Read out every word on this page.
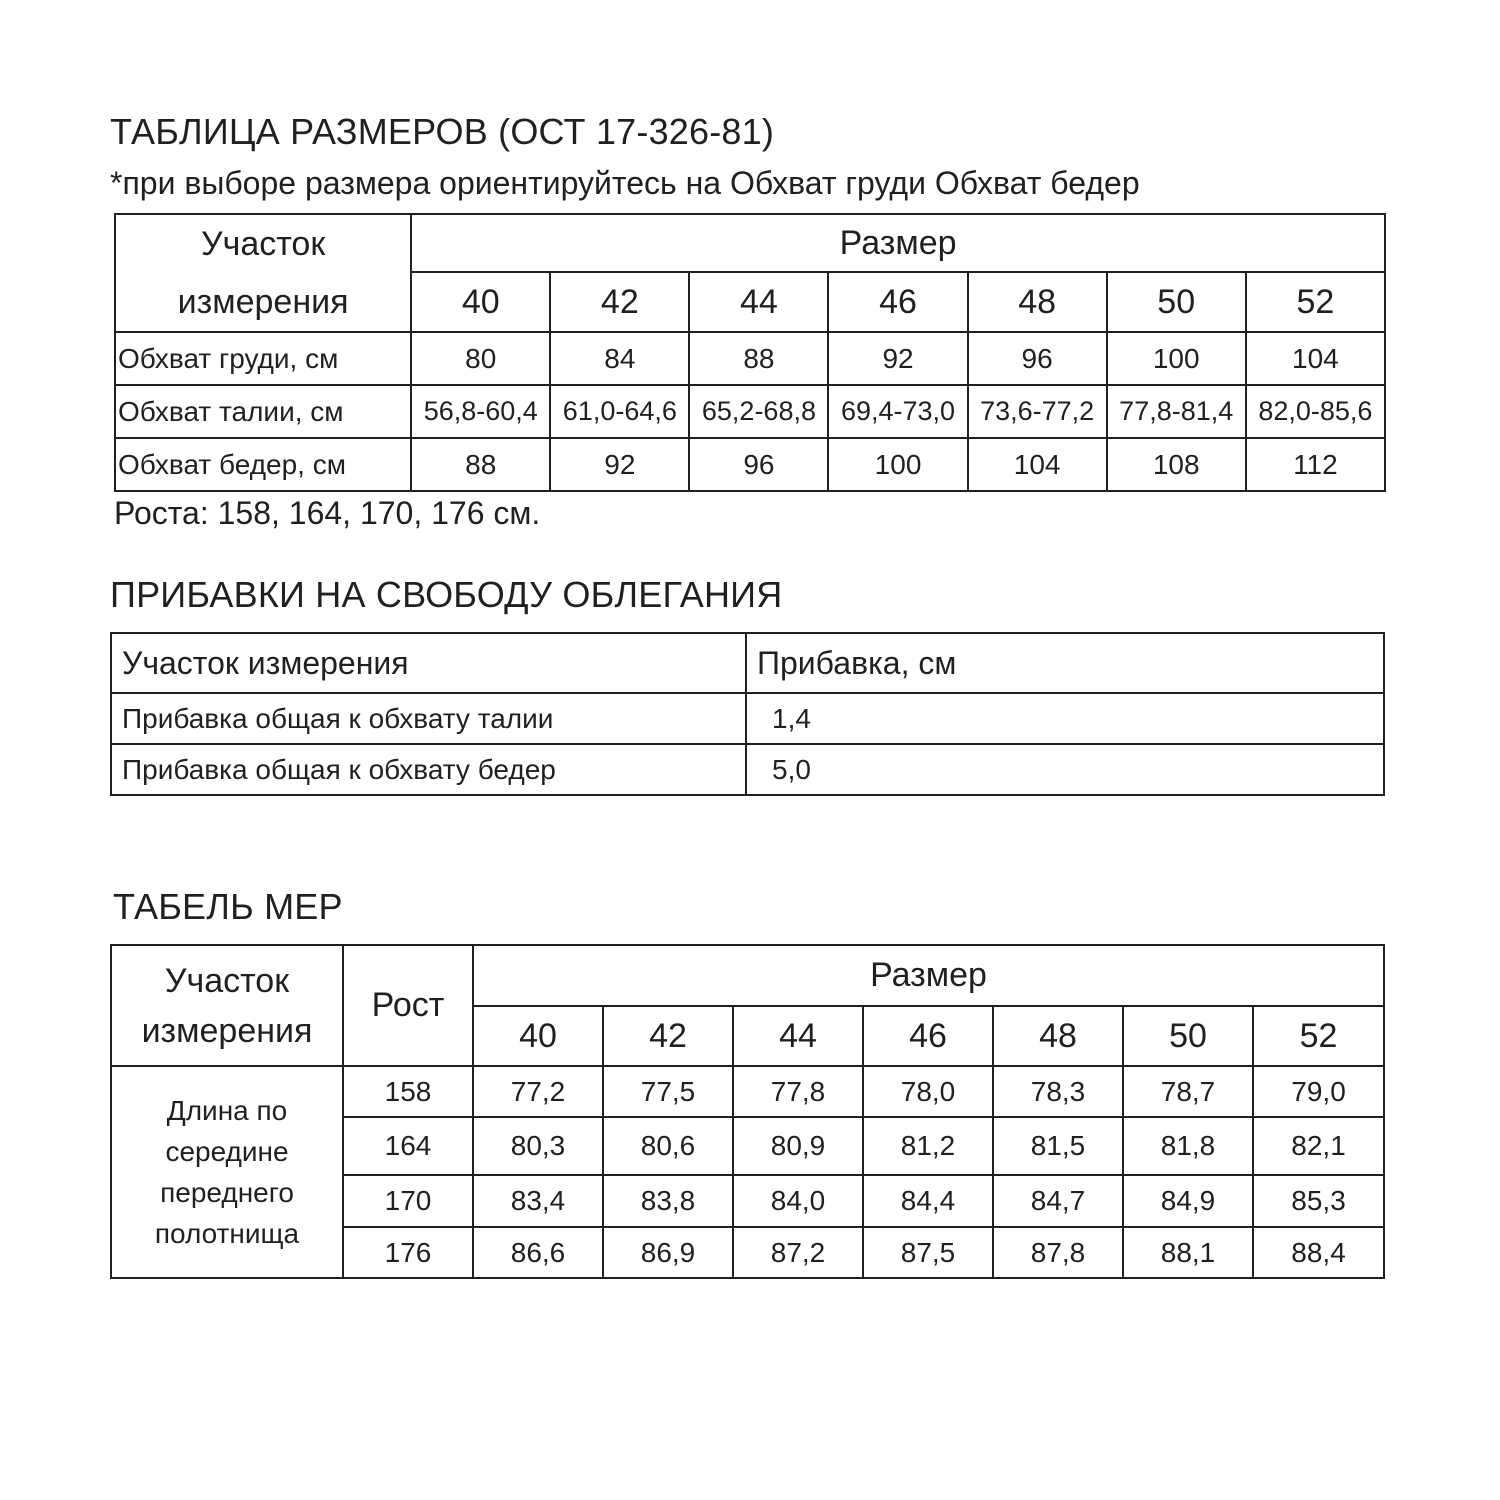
ТАБЛИЦА РАЗМЕРОВ (ОСТ 17-326-81)
*при выборе размера ориентируйтесь на Обхват груди Обхват бедер
Участок
измерения	Размер						
	40	42	44	46	48	50	52
Обхват груди, см	80	84	88	92	96	100	104
Обхват талии, см	56,8-60,4	61,0-64,6	65,2-68,8	69,4-73,0	73,6-77,2	77,8-81,4	82,0-85,6
Обхват бедер, см	88	92	96	100	104	108	112
Роста: 158, 164, 170, 176 см.
ПРИБАВКИ НА СВОБОДУ ОБЛЕГАНИЯ
Участок измерения	Прибавка, см
Прибавка общая к обхвату талии	1,4
Прибавка общая к обхвату бедер	5,0
ТАБЕЛЬ МЕР
Участок
измерения	Рост	Размер						
		40	42	44	46	48	50	52

Длина по
середине
переднего
полотнища	158	77,2	77,5	77,8	78,0	78,3	78,7	79,0
	164	80,3	80,6	80,9	81,2	81,5	81,8	82,1
	170	83,4	83,8	84,0	84,4	84,7	84,9	85,3
	176	86,6	86,9	87,2	87,5	87,8	88,1	88,4
